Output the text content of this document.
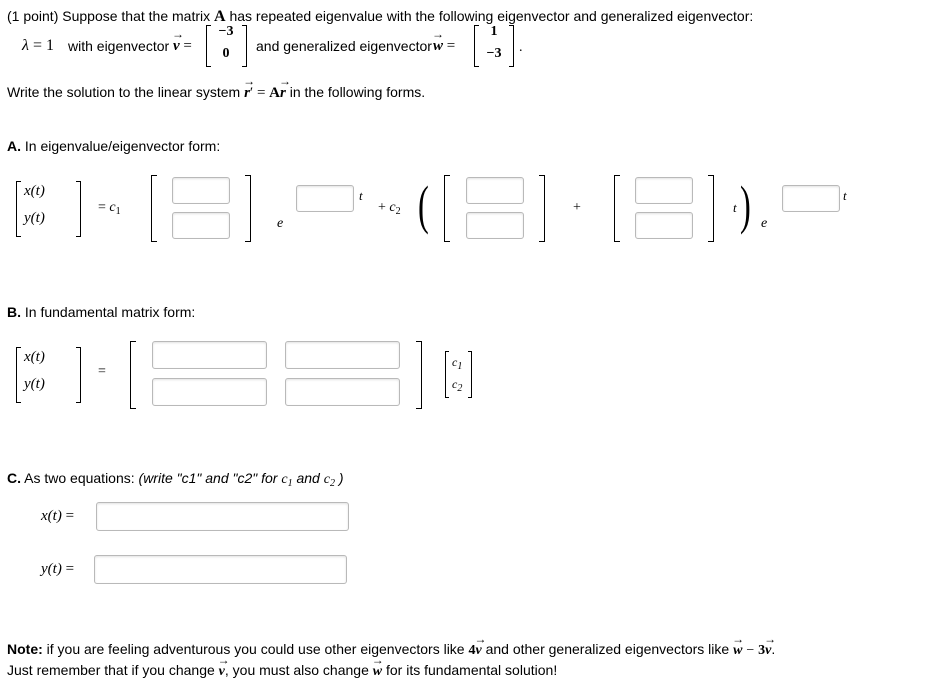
(1 point) Suppose that the matrix A has repeated eigenvalue with the following eigenvector and generalized eigenvector:
λ = 1 with eigenvector → v =
−3
0	and generalized eigenvector → w =
1
−3	.
Write the solution to the linear system → r′ = A→ r in the following forms.
A. In eigenvalue/eigenvector form:
x(t)
y(t)
= $c_1$
e
t
+ $c_2$ (	+	t ) e
t
B. In fundamental matrix form:
x(t)
y(t)
=
$c_1$
$c_2$
C. As two equations: (write "c1" and "c2" for $c_1$ and $c_2$ )
x(t) =
y(t) =
Note: if you are feeling adventurous you could use other eigenvectors like 4→ v and other generalized eigenvectors like → w − 3→ v.
Just remember that if you change → v, you must also change → w for its fundamental solution!
